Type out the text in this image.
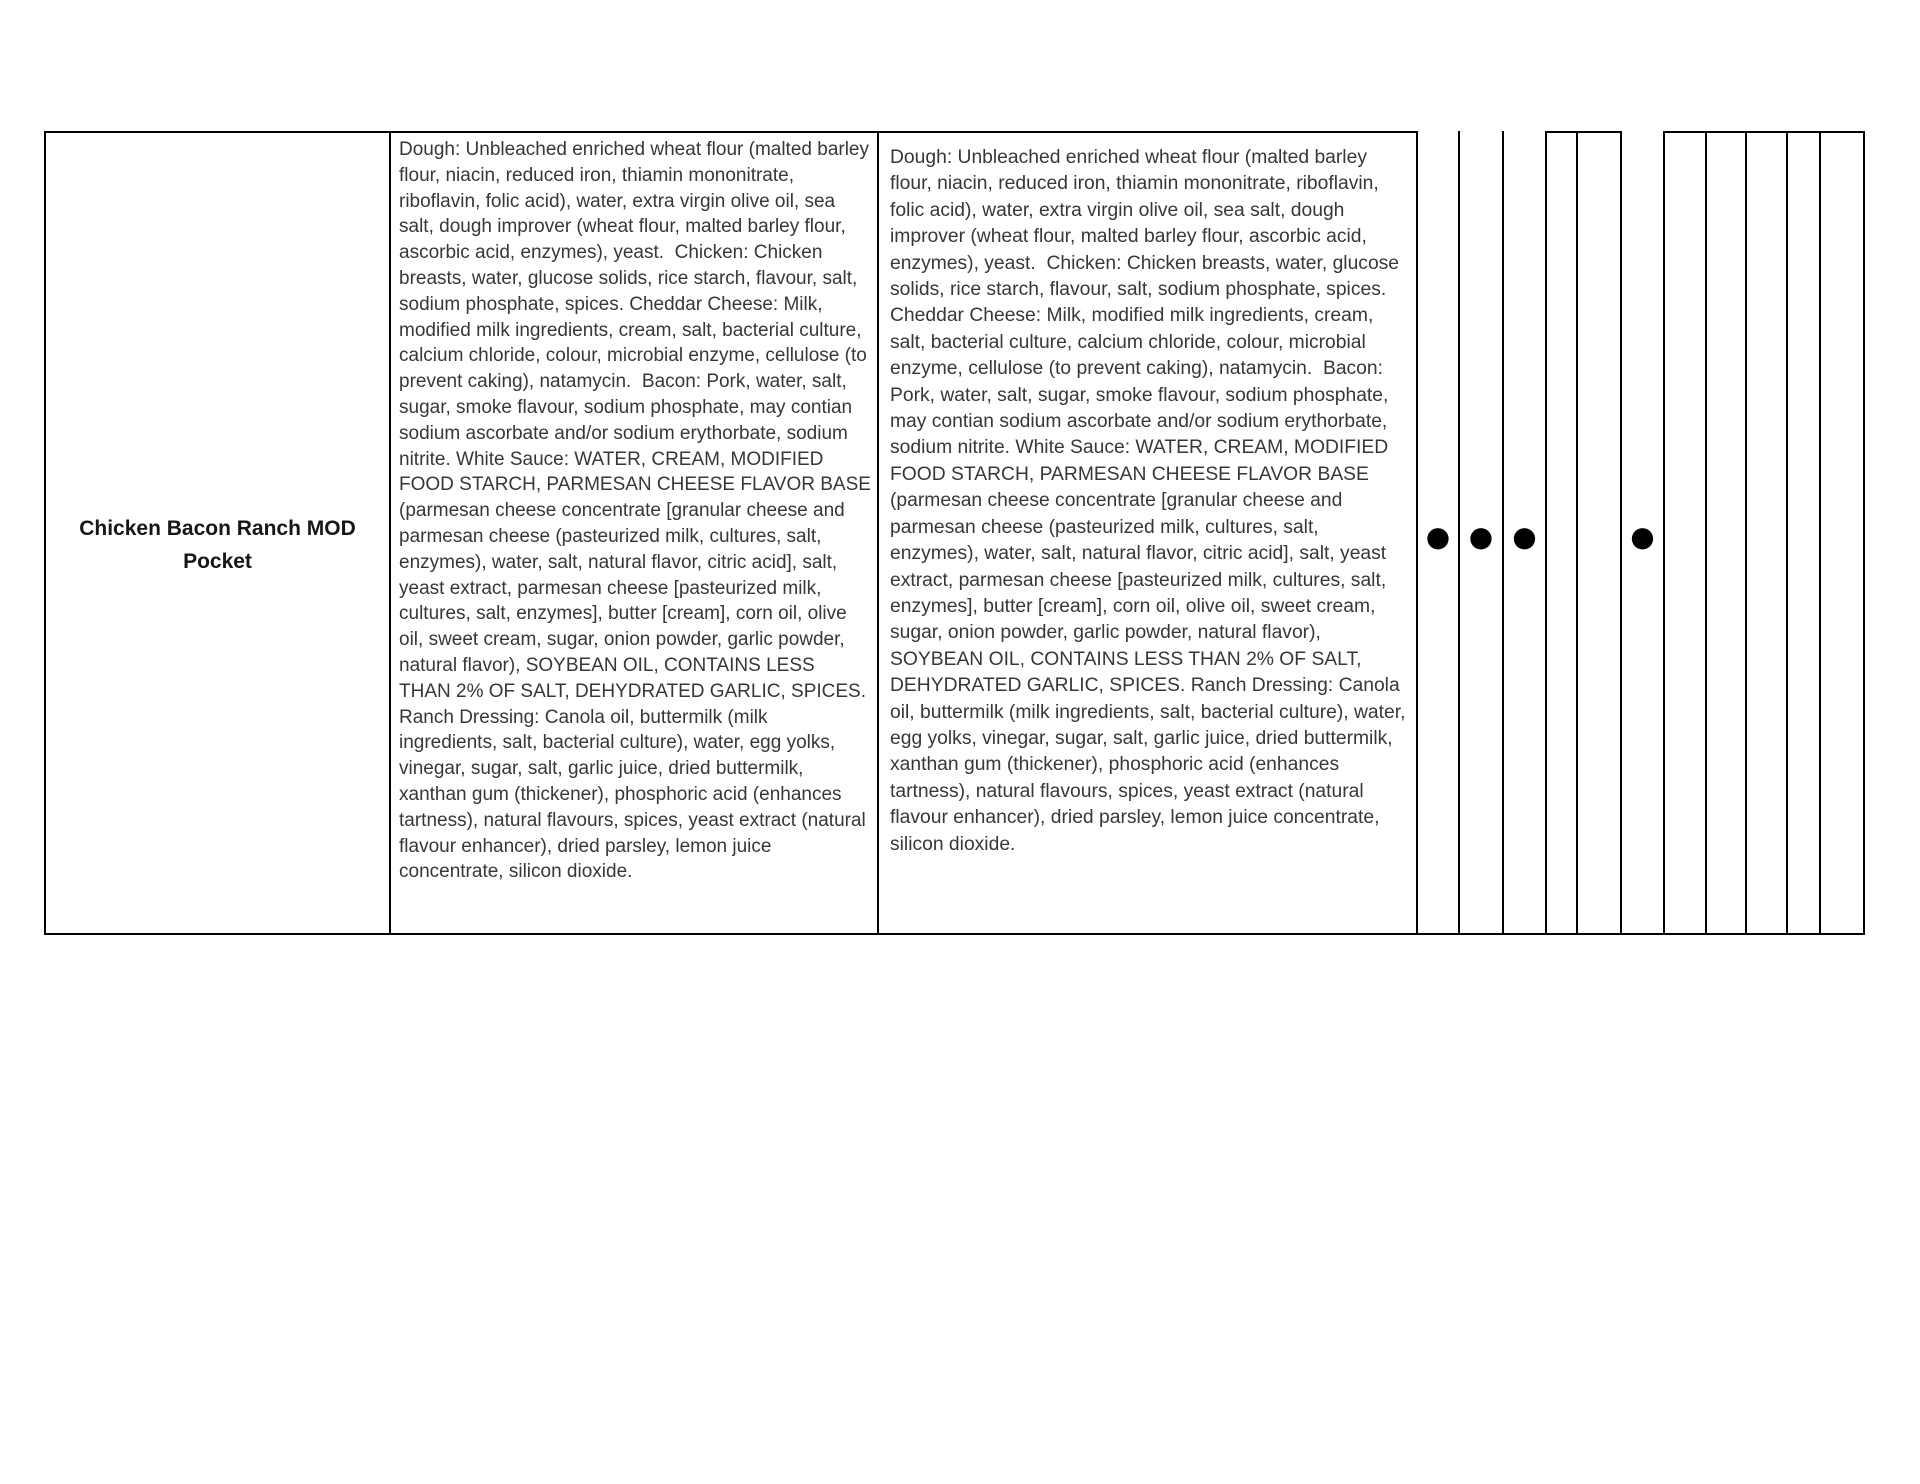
Chicken Bacon Ranch MOD
Pocket
Dough: Unbleached enriched wheat flour (malted barley flour, niacin, reduced iron, thiamin mononitrate, riboflavin, folic acid), water, extra virgin olive oil, sea salt, dough improver (wheat flour, malted barley flour, ascorbic acid, enzymes), yeast.  Chicken: Chicken breasts, water, glucose solids, rice starch, flavour, salt, sodium phosphate, spices. Cheddar Cheese: Milk, modified milk ingredients, cream, salt, bacterial culture, calcium chloride, colour, microbial enzyme, cellulose (to prevent caking), natamycin.  Bacon: Pork, water, salt, sugar, smoke flavour, sodium phosphate, may contian sodium ascorbate and/or sodium erythorbate, sodium nitrite. White Sauce: WATER, CREAM, MODIFIED FOOD STARCH, PARMESAN CHEESE FLAVOR BASE (parmesan cheese concentrate [granular cheese and parmesan cheese (pasteurized milk, cultures, salt, enzymes), water, salt, natural flavor, citric acid], salt, yeast extract, parmesan cheese [pasteurized milk, cultures, salt, enzymes], butter [cream], corn oil, olive oil, sweet cream, sugar, onion powder, garlic powder, natural flavor), SOYBEAN OIL, CONTAINS LESS THAN 2% OF SALT, DEHYDRATED GARLIC, SPICES. Ranch Dressing: Canola oil, buttermilk (milk ingredients, salt, bacterial culture), water, egg yolks, vinegar, sugar, salt, garlic juice, dried buttermilk, xanthan gum (thickener), phosphoric acid (enhances tartness), natural flavours, spices, yeast extract (natural flavour enhancer), dried parsley, lemon juice concentrate, silicon dioxide.
Dough: Unbleached enriched wheat flour (malted barley flour, niacin, reduced iron, thiamin mononitrate, riboflavin, folic acid), water, extra virgin olive oil, sea salt, dough improver (wheat flour, malted barley flour, ascorbic acid, enzymes), yeast.  Chicken: Chicken breasts, water, glucose solids, rice starch, flavour, salt, sodium phosphate, spices. Cheddar Cheese: Milk, modified milk ingredients, cream, salt, bacterial culture, calcium chloride, colour, microbial enzyme, cellulose (to prevent caking), natamycin.  Bacon: Pork, water, salt, sugar, smoke flavour, sodium phosphate, may contian sodium ascorbate and/or sodium erythorbate, sodium nitrite. White Sauce: WATER, CREAM, MODIFIED FOOD STARCH, PARMESAN CHEESE FLAVOR BASE (parmesan cheese concentrate [granular cheese and parmesan cheese (pasteurized milk, cultures, salt, enzymes), water, salt, natural flavor, citric acid], salt, yeast extract, parmesan cheese [pasteurized milk, cultures, salt, enzymes], butter [cream], corn oil, olive oil, sweet cream, sugar, onion powder, garlic powder, natural flavor), SOYBEAN OIL, CONTAINS LESS THAN 2% OF SALT, DEHYDRATED GARLIC, SPICES. Ranch Dressing: Canola oil, buttermilk (milk ingredients, salt, bacterial culture), water, egg yolks, vinegar, sugar, salt, garlic juice, dried buttermilk, xanthan gum (thickener), phosphoric acid (enhances tartness), natural flavours, spices, yeast extract (natural flavour enhancer), dried parsley, lemon juice concentrate, silicon dioxide.
● ● ●	●
